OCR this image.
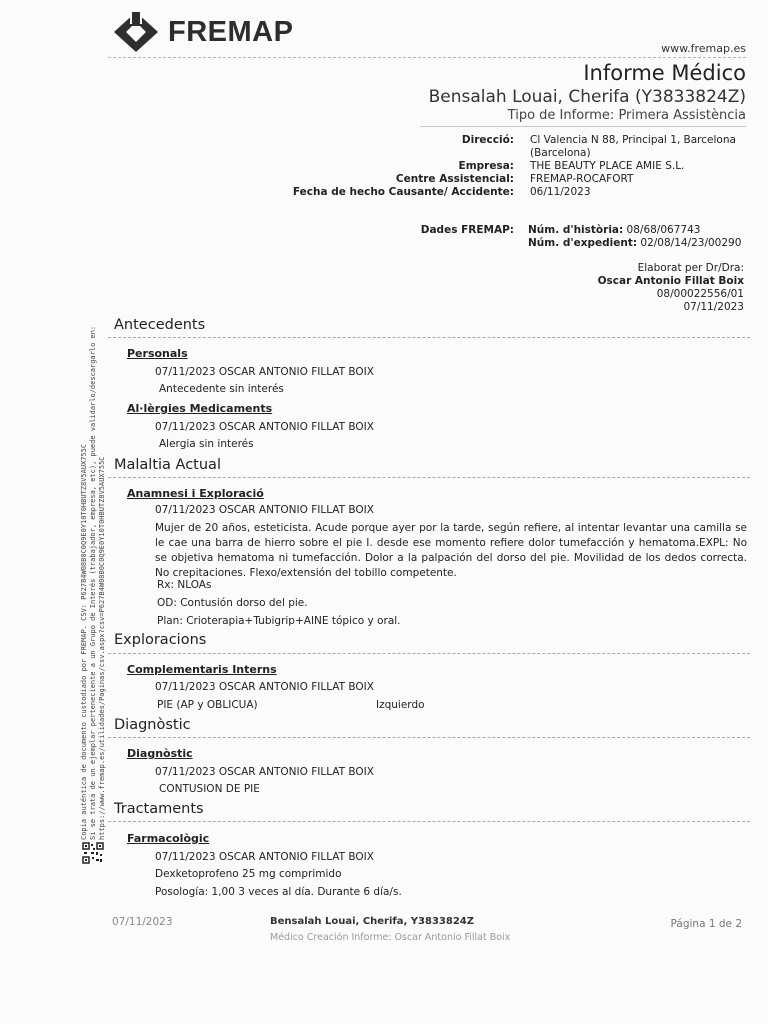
FREMAP
www.fremap.es
Informe Médico
Bensalah Louai, Cherifa (Y3833824Z)
Tipo de Informe: Primera Assistència
Direcció: Cl Valencia N 88, Principal 1, Barcelona
(Barcelona)
Empresa: THE BEAUTY PLACE AMIE S.L.
Centre Assistencial: FREMAP-ROCAFORT
Fecha de hecho Causante/ Accidente: 06/11/2023
Dades FREMAP: Núm. d'història: 08/68/067743
Núm. d'expedient: 02/08/14/23/00290
Elaborat per Dr/Dra:
Oscar Antonio Fillat Boix
08/00022556/01
07/11/2023
Antecedents
Personals
07/11/2023 OSCAR ANTONIO FILLAT BOIX
Antecedente sin interés
Al·lèrgies Medicaments
07/11/2023 OSCAR ANTONIO FILLAT BOIX
Alergia sin interés
Malaltia Actual
Anamnesi i Exploració
07/11/2023 OSCAR ANTONIO FILLAT BOIX
Mujer de 20 años, esteticista. Acude porque ayer por la tarde, según refiere, al intentar levantar una camilla se le cae una barra de hierro sobre el pie I. desde ese momento refiere dolor tumefacción y hematoma.EXPL: No se objetiva hematoma ni tumefacción. Dolor a la palpación del dorso del pie. Movilidad de los dedos correcta. No crepitaciones. Flexo/extensión del tobillo competente.
Rx: NLOAs
OD: Contusión dorso del pie.
Plan: Crioterapia+Tubigrip+AINE tópico y oral.
Exploracions
Complementaris Interns
07/11/2023 OSCAR ANTONIO FILLAT BOIX
PIE (AP y OBLICUA)	Izquierdo
Diagnòstic
Diagnòstic
07/11/2023 OSCAR ANTONIO FILLAT BOIX
CONTUSION DE PIE
Tractaments
Farmacològic
07/11/2023 OSCAR ANTONIO FILLAT BOIX
Dexketoprofeno 25 mg comprimido
Posología: 1,00 3 veces al día. Durante 6 día/s.
Copia auténtica de documento custodiado por FREMAP. CSV: P627B4W08B0C0Q9E0Y10T0HBUTZ8V5AUX755C Si se trata de un ejemplar perteneciente a un Grupo de Interés (trabajador, empresa, etc), puede validarlo/descargarlo en: https://www.fremap.es/utilidades/Paginas/csv.aspx?csv=P627B4W08B0C0Q9E0Y10T0HBUTZ8V5AUX755C
07/11/2023	Bensalah Louai, Cherifa, Y3833824Z
Médico Creación Informe: Oscar Antonio Fillat Boix
Página 1 de 2
